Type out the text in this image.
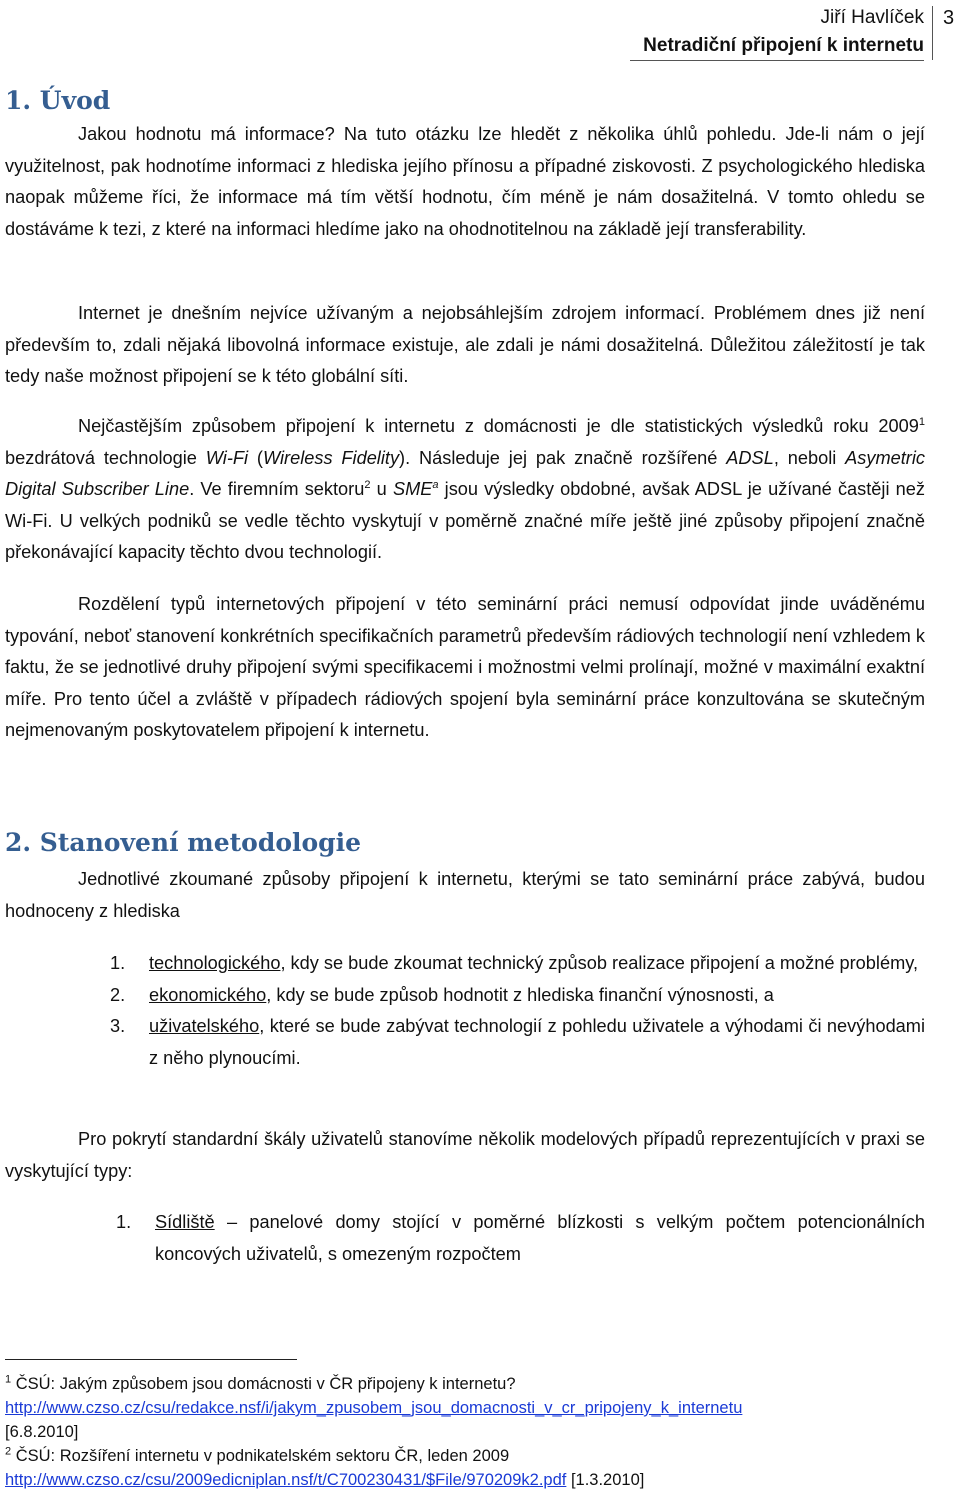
Jiří Havlíček
Netradiční připojení k internetu
3
1. Úvod

Jakou hodnotu má informace? Na tuto otázku lze hledět z několika úhlů pohledu. Jde-li nám o její využitelnost, pak hodnotíme informaci z hlediska jejího přínosu a případné ziskovosti. Z psychologického hlediska naopak můžeme říci, že informace má tím větší hodnotu, čím méně je nám dosažitelná. V tomto ohledu se dostáváme k tezi, z které na informaci hledíme jako na ohodnotitelnou na základě její transferability.

Internet je dnešním nejvíce užívaným a nejobsáhlejším zdrojem informací. Problémem dnes již není především to, zdali nějaká libovolná informace existuje, ale zdali je námi dosažitelná. Důležitou záležitostí je tak tedy naše možnost připojení se k této globální síti.

Nejčastějším způsobem připojení k internetu z domácnosti je dle statistických výsledků roku 2009$^1$ bezdrátová technologie Wi-Fi (Wireless Fidelity). Následuje jej pak značně rozšířené ADSL, neboli Asymetric Digital Subscriber Line. Ve firemním sektoru$^2$ u SME$^a$ jsou výsledky obdobné, avšak ADSL je užívané častěji než Wi-Fi. U velkých podniků se vedle těchto vyskytují v poměrně značné míře ještě jiné způsoby připojení značně překonávající kapacity těchto dvou technologií.

Rozdělení typů internetových připojení v této seminární práci nemusí odpovídat jinde uváděnému typování, neboť stanovení konkrétních specifikačních parametrů především rádiových technologií není vzhledem k faktu, že se jednotlivé druhy připojení svými specifikacemi i možnostmi velmi prolínají, možné v maximální exaktní míře. Pro tento účel a zvláště v případech rádiových spojení byla seminární práce konzultována se skutečným nejmenovaným poskytovatelem připojení k internetu.

2. Stanovení metodologie

Jednotlivé zkoumané způsoby připojení k internetu, kterými se tato seminární práce zabývá, budou hodnoceny z hlediska

1. technologického, kdy se bude zkoumat technický způsob realizace připojení a možné problémy,
2. ekonomického, kdy se bude způsob hodnotit z hlediska finanční výnosnosti, a
3. uživatelského, které se bude zabývat technologií z pohledu uživatele a výhodami či nevýhodami z něho plynoucími.

Pro pokrytí standardní škály uživatelů stanovíme několik modelových případů reprezentujících v praxi se vyskytující typy:

1. Sídliště – panelové domy stojící v poměrné blízkosti s velkým počtem potencionálních koncových uživatelů, s omezeným rozpočtem

$^1$ ČSÚ: Jakým způsobem jsou domácnosti v ČR připojeny k internetu?
http://www.czso.cz/csu/redakce.nsf/i/jakym_zpusobem_jsou_domacnosti_v_cr_pripojeny_k_internetu
[6.8.2010]

$^2$ ČSÚ: Rozšíření internetu v podnikatelském sektoru ČR, leden 2009
http://www.czso.cz/csu/2009edicniplan.nsf/t/C700230431/$File/970209k2.pdf [1.3.2010]
